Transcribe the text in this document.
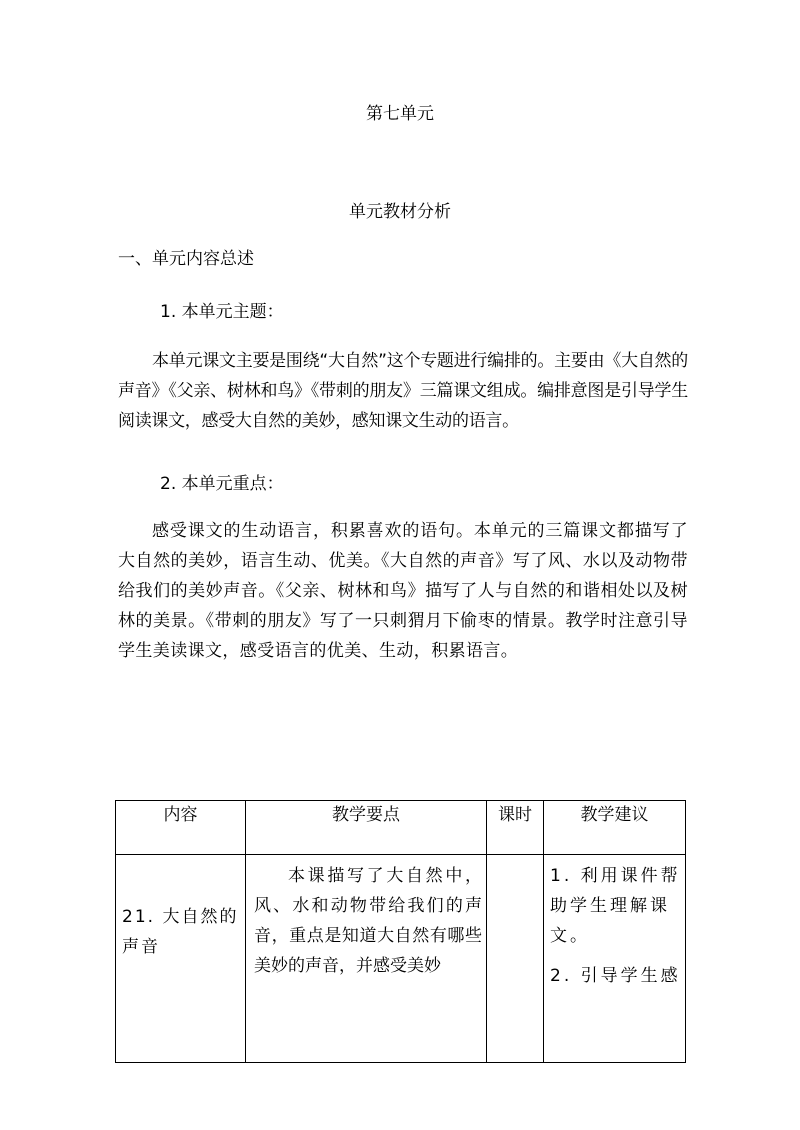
第七单元
单元教材分析
一、单元内容总述
1. 本单元主题：
本单元课文主要是围绕“大自然”这个专题进行编排的。主要由《大自然的声音》《父亲、树林和鸟》《带刺的朋友》三篇课文组成。编排意图是引导学生阅读课文，感受大自然的美妙，感知课文生动的语言。
2. 本单元重点：
感受课文的生动语言，积累喜欢的语句。本单元的三篇课文都描写了大自然的美妙，语言生动、优美。《大自然的声音》写了风、水以及动物带给我们的美妙声音。《父亲、树林和鸟》描写了人与自然的和谐相处以及树林的美景。《带刺的朋友》写了一只刺猬月下偷枣的情景。教学时注意引导学生美读课文，感受语言的优美、生动，积累语言。
内容	教学要点	课时	教学建议
21. 大自然的声音	本课描写了大自然中，风、水和动物带给我们的声音，重点是知道大自然有哪些美妙的声音，并感受美妙		1. 利用课件帮助学生理解课文。
2. 引导学生感
